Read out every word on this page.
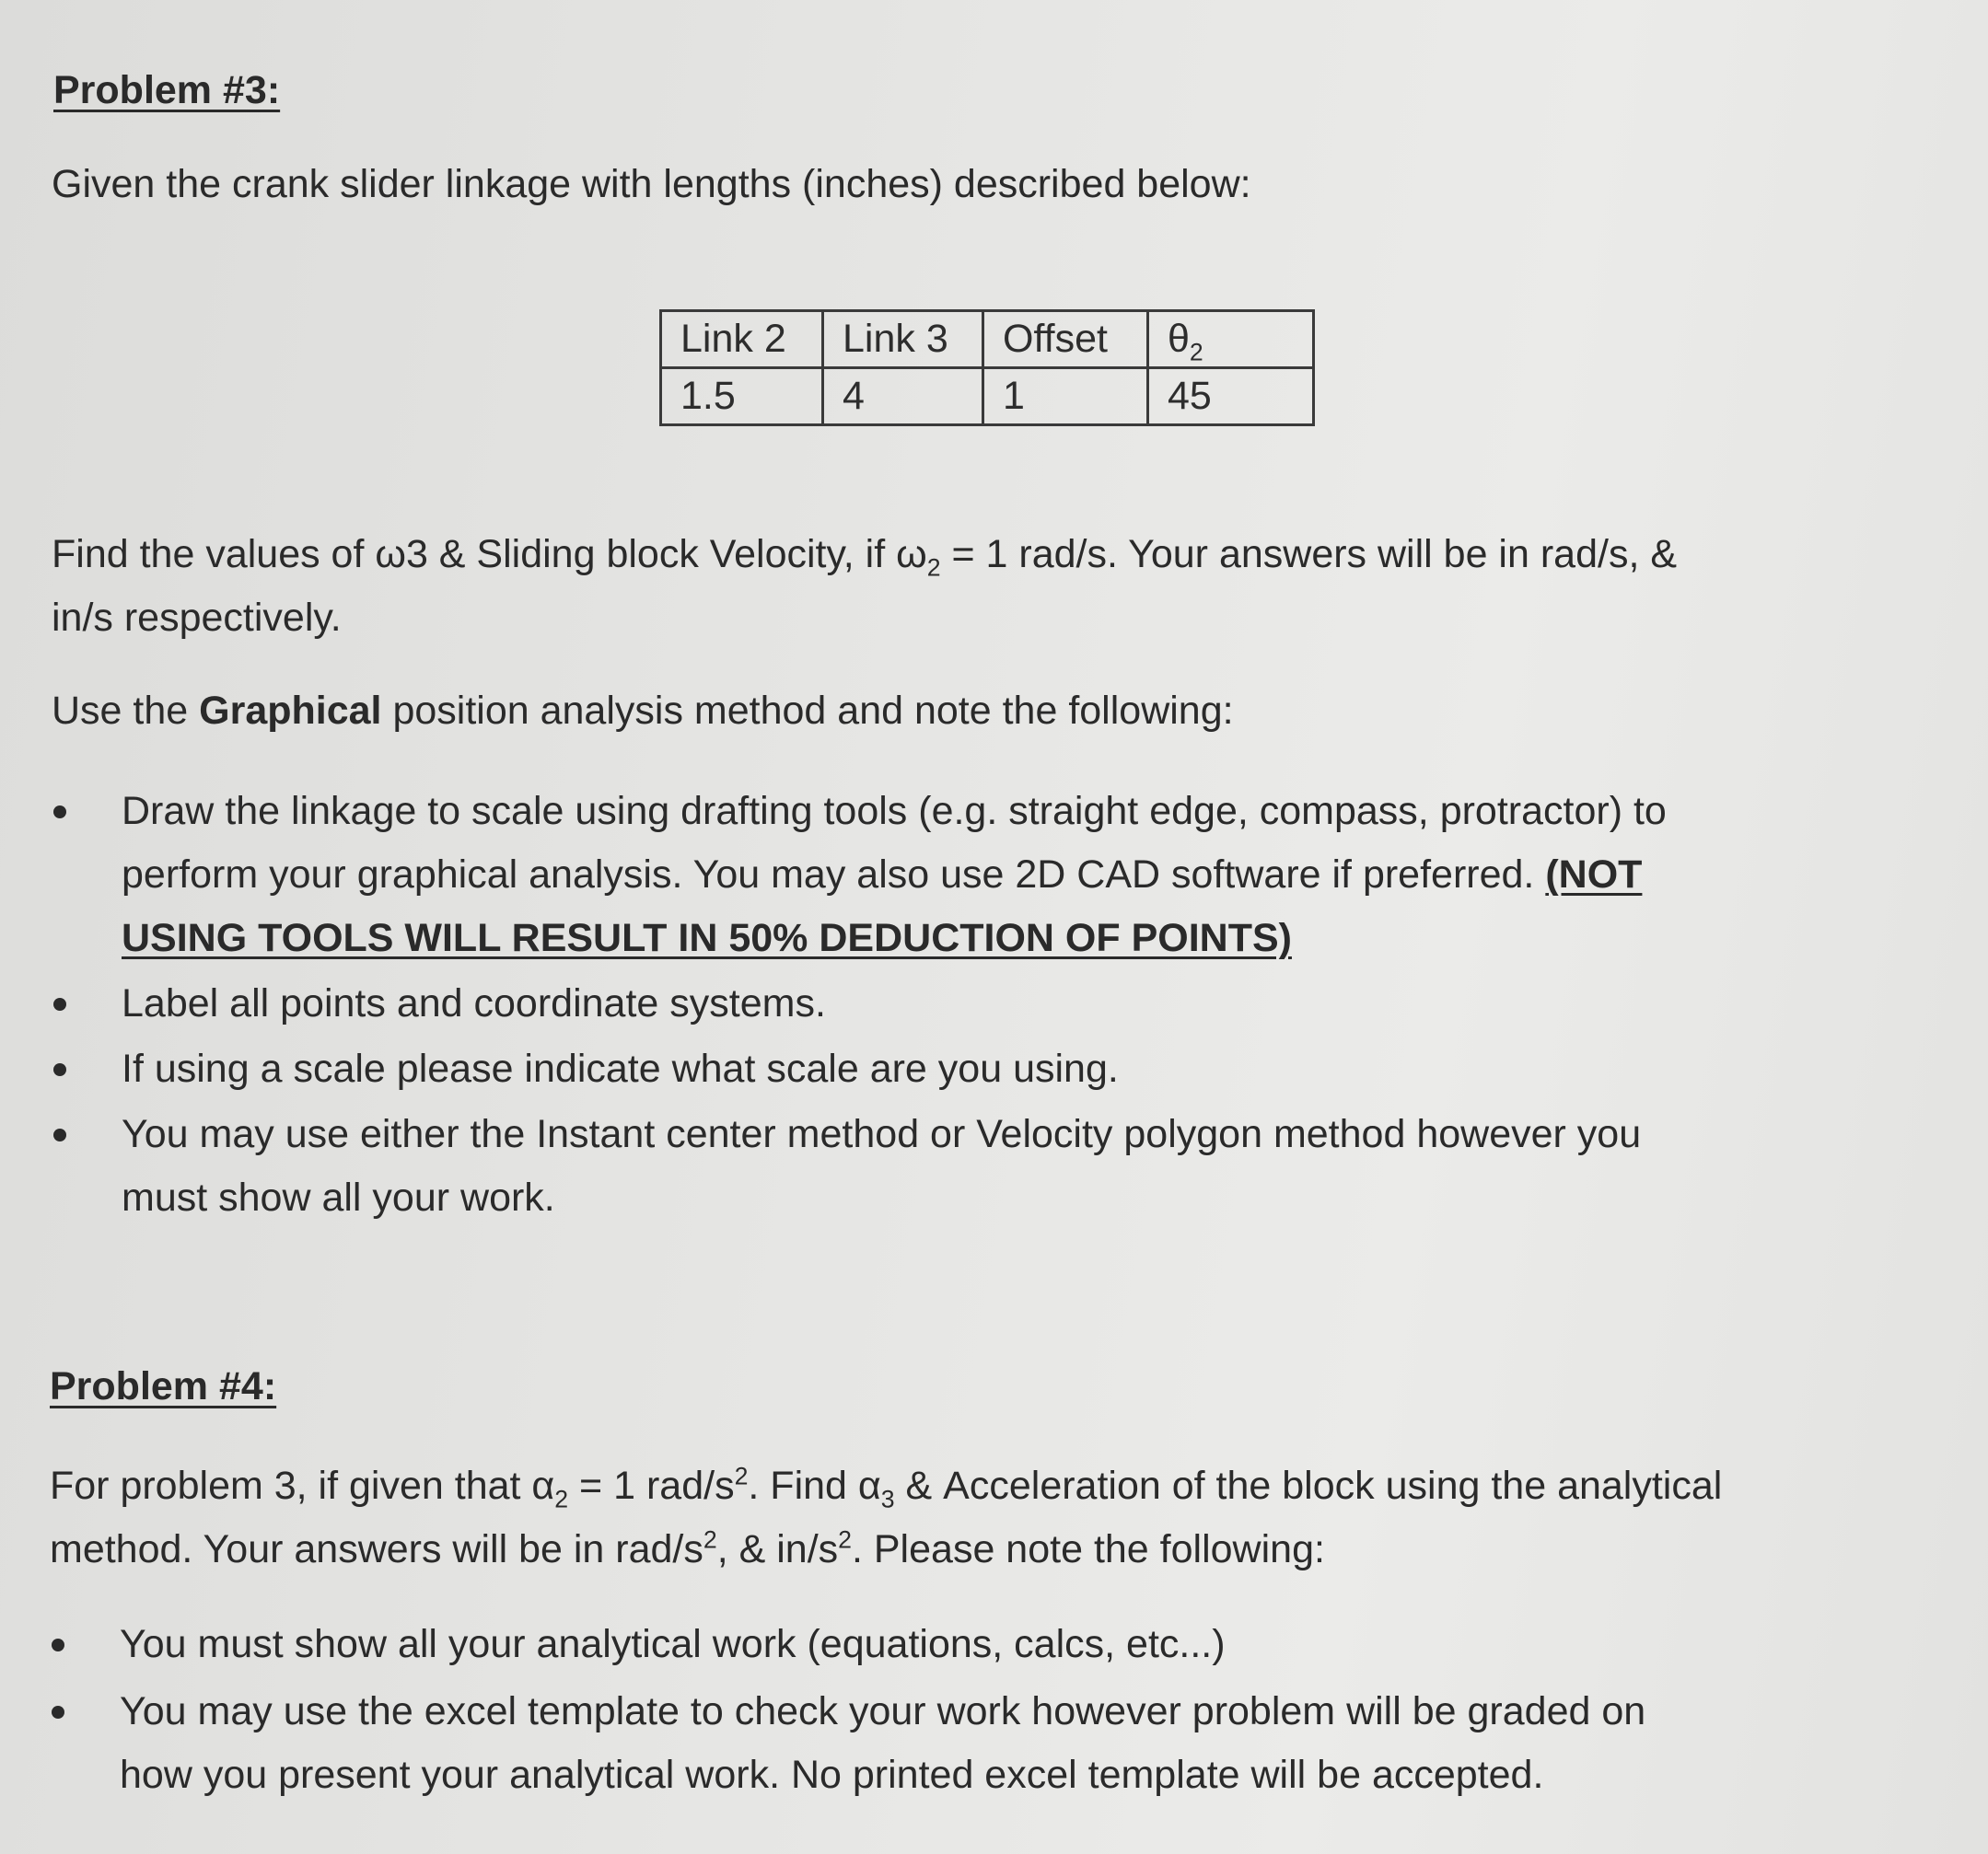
Problem #3:

Given the crank slider linkage with lengths (inches) described below:

Link 2	Link 3	Offset	$\theta_2$
1.5	4	1	45

Find the values of ω3 & Sliding block Velocity, if $\omega_2 = 1$ rad/s. Your answers will be in rad/s, &
in/s respectively.

Use the Graphical position analysis method and note the following:

Draw the linkage to scale using drafting tools (e.g. straight edge, compass, protractor) to
perform your graphical analysis. You may also use 2D CAD software if preferred. (NOT
USING TOOLS WILL RESULT IN 50% DEDUCTION OF POINTS)
Label all points and coordinate systems.
If using a scale please indicate what scale are you using.
You may use either the Instant center method or Velocity polygon method however you
must show all your work.
Problem #4:

For problem 3, if given that $\alpha_2 = 1$ rad/$s^2$. Find $\alpha_3$ & Acceleration of the block using the analytical
method. Your answers will be in rad/$s^2$, & $in/s^2$. Please note the following:

You must show all your analytical work (equations, calcs, etc...)
You may use the excel template to check your work however problem will be graded on
how you present your analytical work. No printed excel template will be accepted.
